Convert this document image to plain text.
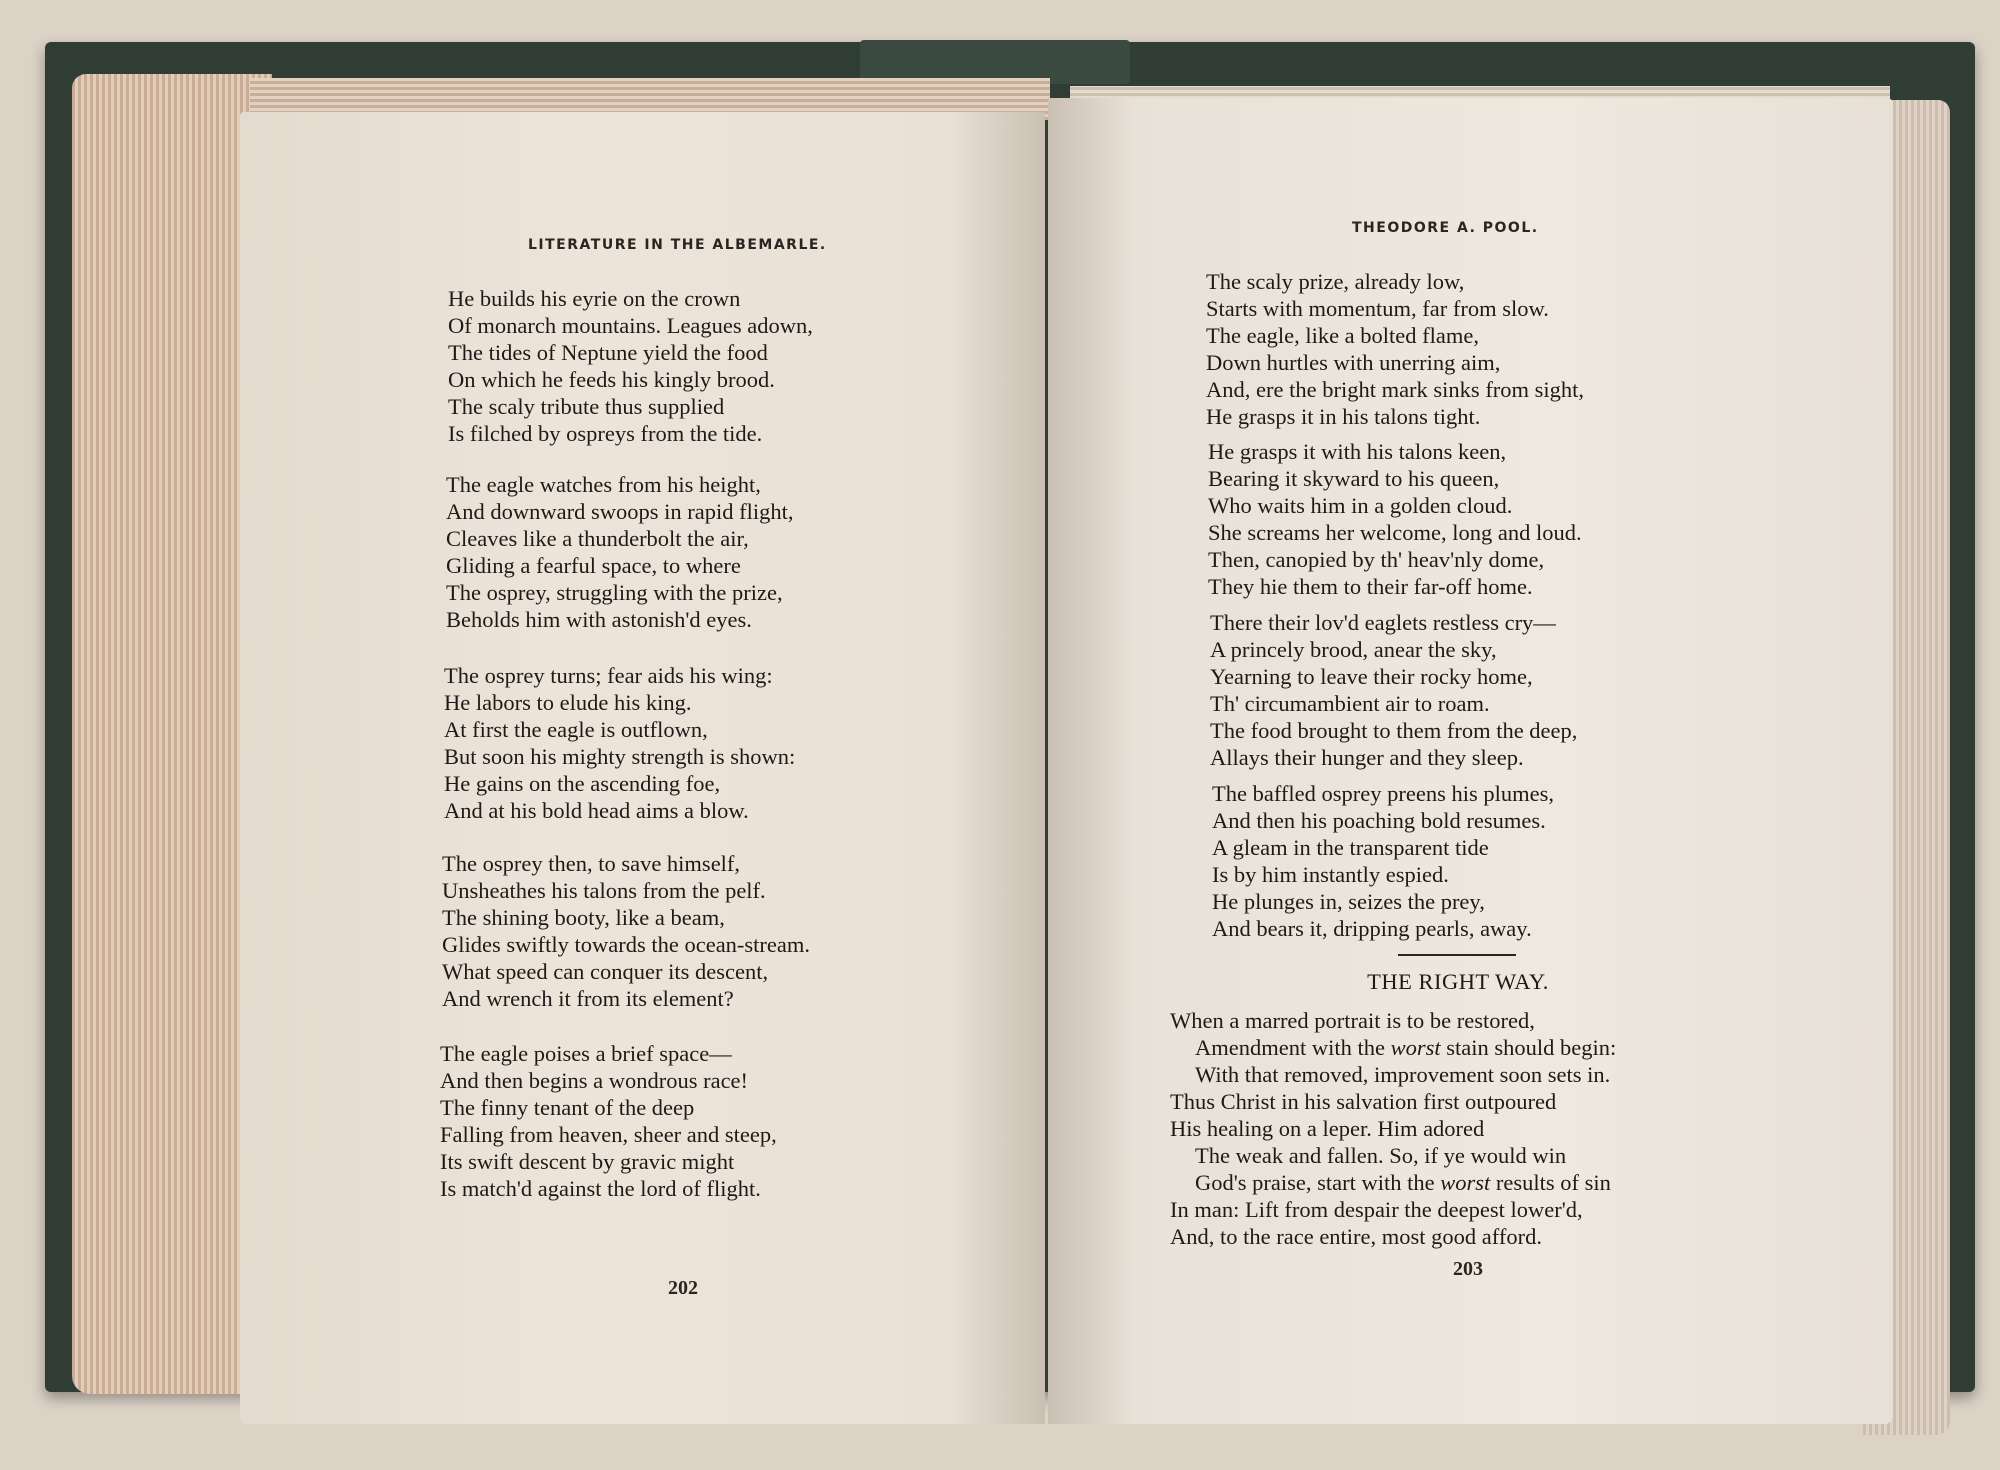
LITERATURE IN THE ALBEMARLE.
He builds his eyrie on the crown
Of monarch mountains. Leagues adown,
The tides of Neptune yield the food
On which he feeds his kingly brood.
The scaly tribute thus supplied
Is filched by ospreys from the tide.
The eagle watches from his height,
And downward swoops in rapid flight,
Cleaves like a thunderbolt the air,
Gliding a fearful space, to where
The osprey, struggling with the prize,
Beholds him with astonish'd eyes.
The osprey turns; fear aids his wing:
He labors to elude his king.
At first the eagle is outflown,
But soon his mighty strength is shown:
He gains on the ascending foe,
And at his bold head aims a blow.
The osprey then, to save himself,
Unsheathes his talons from the pelf.
The shining booty, like a beam,
Glides swiftly towards the ocean-stream.
What speed can conquer its descent,
And wrench it from its element?
The eagle poises a brief space—
And then begins a wondrous race!
The finny tenant of the deep
Falling from heaven, sheer and steep,
Its swift descent by gravic might
Is match'd against the lord of flight.
202
THEODORE A. POOL.
The scaly prize, already low,
Starts with momentum, far from slow.
The eagle, like a bolted flame,
Down hurtles with unerring aim,
And, ere the bright mark sinks from sight,
He grasps it in his talons tight.
He grasps it with his talons keen,
Bearing it skyward to his queen,
Who waits him in a golden cloud.
She screams her welcome, long and loud.
Then, canopied by th' heav'nly dome,
They hie them to their far-off home.
There their lov'd eaglets restless cry—
A princely brood, anear the sky,
Yearning to leave their rocky home,
Th' circumambient air to roam.
The food brought to them from the deep,
Allays their hunger and they sleep.
The baffled osprey preens his plumes,
And then his poaching bold resumes.
A gleam in the transparent tide
Is by him instantly espied.
He plunges in, seizes the prey,
And bears it, dripping pearls, away.
THE RIGHT WAY.
When a marred portrait is to be restored,
Amendment with the worst stain should begin:
With that removed, improvement soon sets in.
Thus Christ in his salvation first outpoured
His healing on a leper. Him adored
The weak and fallen. So, if ye would win
God's praise, start with the worst results of sin
In man: Lift from despair the deepest lower'd,
And, to the race entire, most good afford.
203
